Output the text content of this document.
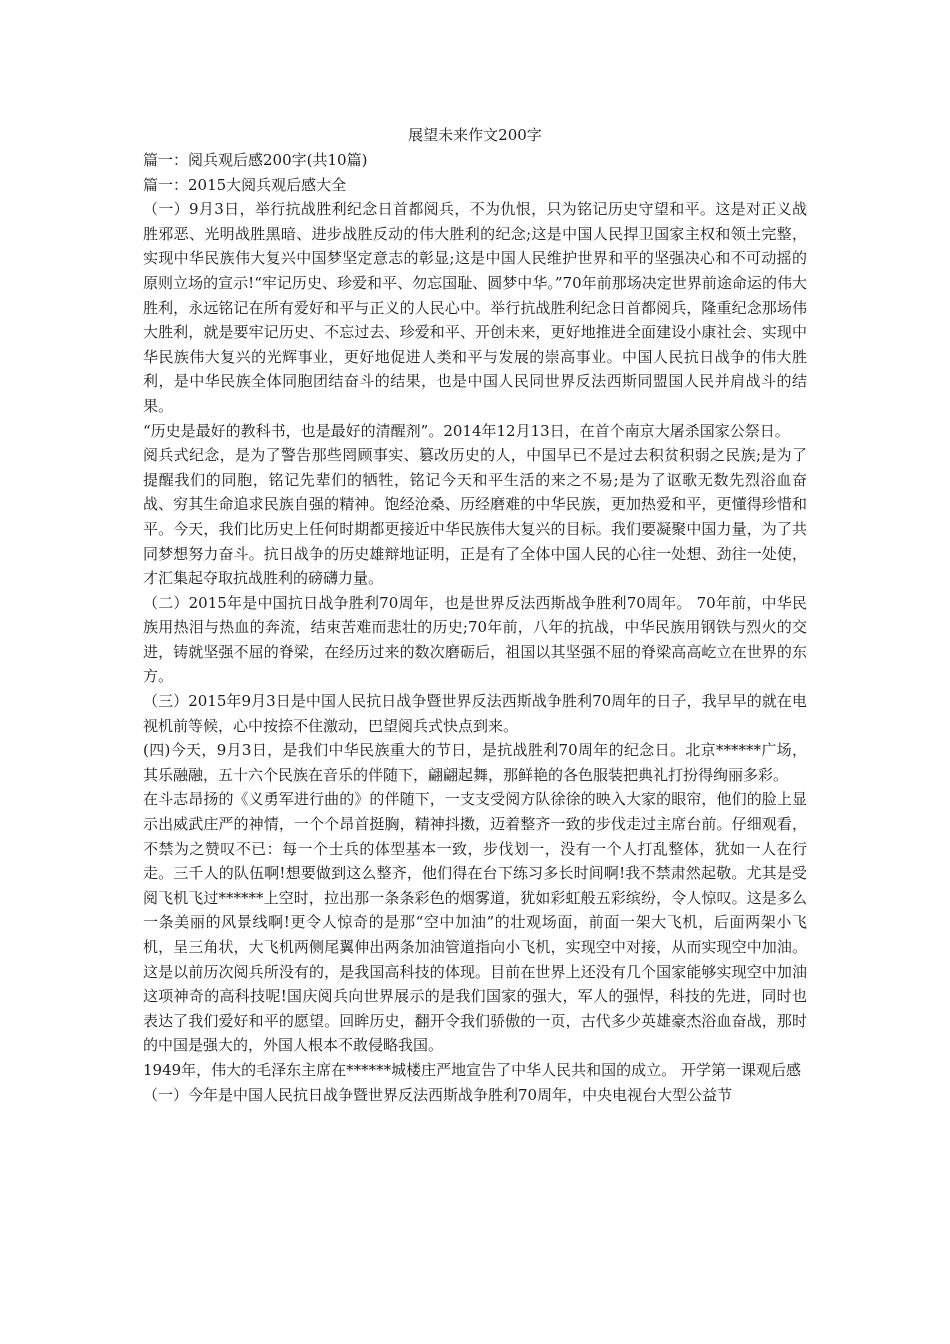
展望未来作文200字

篇一：阅兵观后感200字(共10篇)

篇一：2015大阅兵观后感大全

（一）9月3日，举行抗战胜利纪念日首都阅兵，不为仇恨，只为铭记历史守望和平。这是对正义战胜邪恶、光明战胜黑暗、进步战胜反动的伟大胜利的纪念;这是中国人民捍卫国家主权和领土完整，实现中华民族伟大复兴中国梦坚定意志的彰显;这是中国人民维护世界和平的坚强决心和不可动摇的原则立场的宣示!“牢记历史、珍爱和平、勿忘国耻、圆梦中华。”70年前那场决定世界前途命运的伟大胜利，永远铭记在所有爱好和平与正义的人民心中。举行抗战胜利纪念日首都阅兵，隆重纪念那场伟大胜利，就是要牢记历史、不忘过去、珍爱和平、开创未来，更好地推进全面建设小康社会、实现中华民族伟大复兴的光辉事业，更好地促进人类和平与发展的崇高事业。中国人民抗日战争的伟大胜利，是中华民族全体同胞团结奋斗的结果，也是中国人民同世界反法西斯同盟国人民并肩战斗的结果。

“历史是最好的教科书，也是最好的清醒剂”。2014年12月13日，在首个南京大屠杀国家公祭日。

阅兵式纪念，是为了警告那些罔顾事实、篡改历史的人，中国早已不是过去积贫积弱之民族;是为了提醒我们的同胞，铭记先辈们的牺牲，铭记今天和平生活的来之不易;是为了讴歌无数先烈浴血奋战、穷其生命追求民族自强的精神。饱经沧桑、历经磨难的中华民族，更加热爱和平，更懂得珍惜和平。今天，我们比历史上任何时期都更接近中华民族伟大复兴的目标。我们要凝聚中国力量，为了共同梦想努力奋斗。抗日战争的历史雄辩地证明，正是有了全体中国人民的心往一处想、劲往一处使，才汇集起夺取抗战胜利的磅礴力量。

（二）2015年是中国抗日战争胜利70周年，也是世界反法西斯战争胜利70周年。 70年前，中华民族用热泪与热血的奔流，结束苦难而悲壮的历史;70年前，八年的抗战，中华民族用钢铁与烈火的交进，铸就坚强不屈的脊梁，在经历过来的数次磨砺后，祖国以其坚强不屈的脊梁高高屹立在世界的东方。

（三）2015年9月3日是中国人民抗日战争暨世界反法西斯战争胜利70周年的日子，我早早的就在电视机前等候，心中按捺不住激动，巴望阅兵式快点到来。

(四)今天，9月3日，是我们中华民族重大的节日，是抗战胜利70周年的纪念日。北京******广场，其乐融融，五十六个民族在音乐的伴随下，翩翩起舞，那鲜艳的各色服装把典礼打扮得绚丽多彩。

在斗志昂扬的《义勇军进行曲的》的伴随下，一支支受阅方队徐徐的映入大家的眼帘，他们的脸上显示出威武庄严的神情，一个个昂首挺胸，精神抖擞，迈着整齐一致的步伐走过主席台前。仔细观看，不禁为之赞叹不已：每一个士兵的体型基本一致，步伐划一，没有一个人打乱整体，犹如一人在行走。三千人的队伍啊!想要做到这么整齐，他们得在台下练习多长时间啊!我不禁肃然起敬。尤其是受阅飞机飞过******上空时，拉出那一条条彩色的烟雾道，犹如彩虹般五彩缤纷，令人惊叹。这是多么一条美丽的风景线啊!更令人惊奇的是那“空中加油”的壮观场面，前面一架大飞机，后面两架小飞机，呈三角状，大飞机两侧尾翼伸出两条加油管道指向小飞机，实现空中对接，从而实现空中加油。这是以前历次阅兵所没有的，是我国高科技的体现。目前在世界上还没有几个国家能够实现空中加油这项神奇的高科技呢!国庆阅兵向世界展示的是我们国家的强大，军人的强悍，科技的先进，同时也表达了我们爱好和平的愿望。回眸历史，翻开令我们骄傲的一页，古代多少英雄豪杰浴血奋战，那时的中国是强大的，外国人根本不敢侵略我国。

1949年，伟大的毛泽东主席在******城楼庄严地宣告了中华人民共和国的成立。 开学第一课观后感

（一）今年是中国人民抗日战争暨世界反法西斯战争胜利70周年，中央电视台大型公益节
